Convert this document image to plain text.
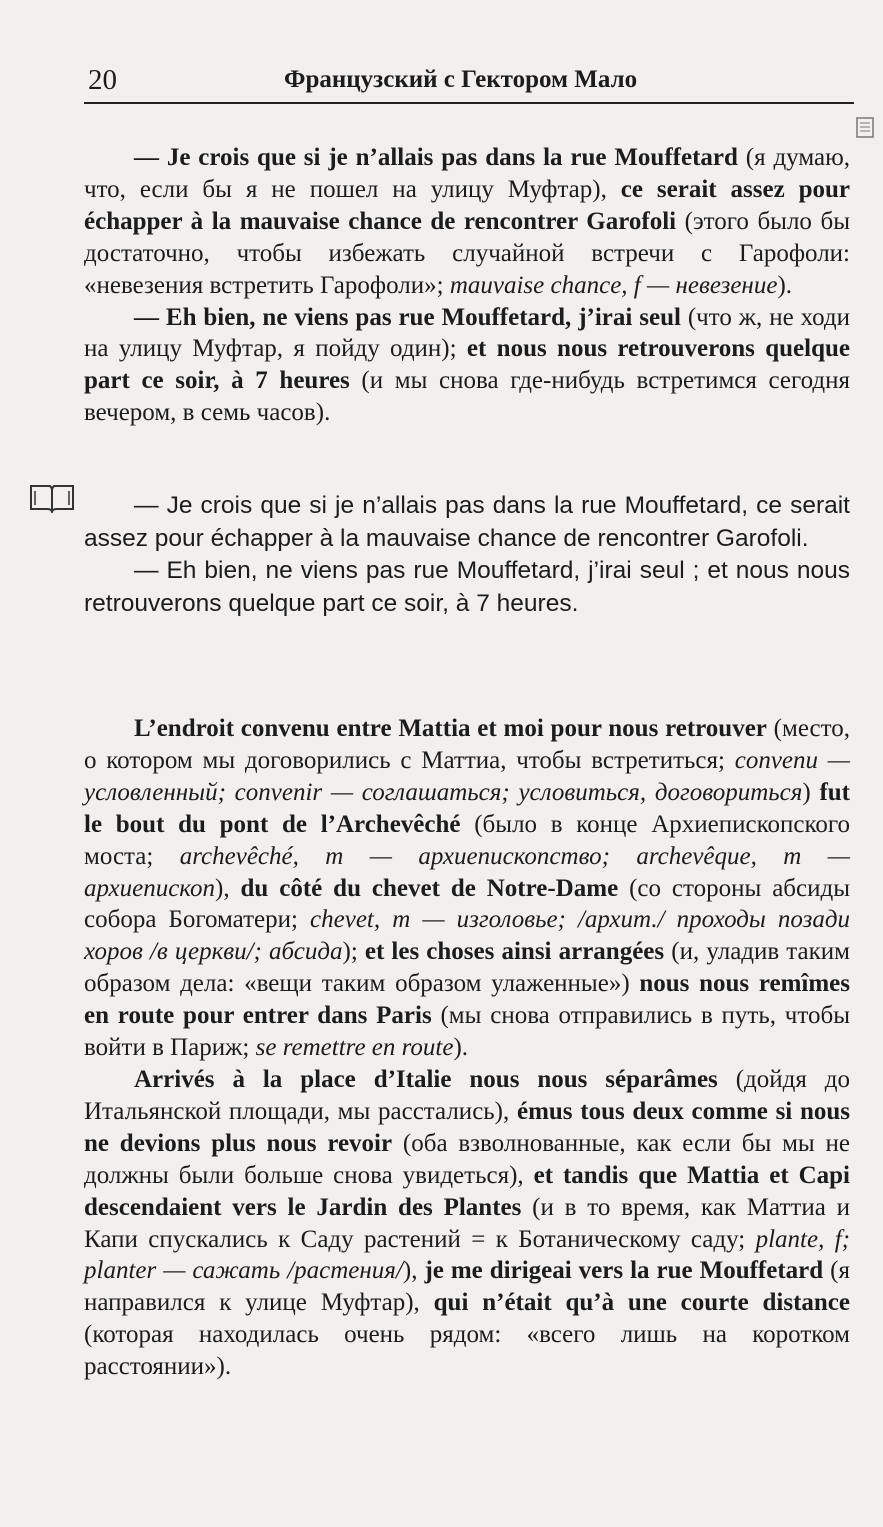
20	Французский с Гектором Мало

— Je crois que si je n’allais pas dans la rue Mouffetard (я думаю, что, если бы я не пошел на улицу Муфтар), ce serait assez pour échapper à la mauvaise chance de rencontrer Garofoli (этого было бы достаточно, чтобы избежать случайной встречи с Гарофоли: «невезения встретить Гарофоли»; mauvaise chance, f — невезение).

— Eh bien, ne viens pas rue Mouffetard, j’irai seul (что ж, не ходи на улицу Муфтар, я пойду один); et nous nous retrouverons quelque part ce soir, à 7 heures (и мы снова где-нибудь встретимся сегодня вечером, в семь часов).

— Je crois que si je n’allais pas dans la rue Mouffetard, ce serait assez pour échapper à la mauvaise chance de rencontrer Garofoli.

— Eh bien, ne viens pas rue Mouffetard, j’irai seul ; et nous nous retrouverons quelque part ce soir, à 7 heures.

L’endroit convenu entre Mattia et moi pour nous retrouver (место, о котором мы договорились с Маттиа, чтобы встретиться; convenu — условленный; convenir — соглашаться; условиться, договориться) fut le bout du pont de l’Archevêché (было в конце Архиепископского моста; archevêché, m — архиепископство; archevêque, m — архиепископ), du côté du chevet de Notre-Dame (со стороны абсиды собора Богоматери; chevet, m — изголовье; /архит./ проходы позади хоров /в церкви/; абсида); et les choses ainsi arrangées (и, уладив таким образом дела: «вещи таким образом улаженные») nous nous remîmes en route pour entrer dans Paris (мы снова отправились в путь, чтобы войти в Париж; se remettre en route).

Arrivés à la place d’Italie nous nous séparâmes (дойдя до Итальянской площади, мы расстались), émus tous deux comme si nous ne devions plus nous revoir (оба взволнованные, как если бы мы не должны были больше снова увидеться), et tandis que Mattia et Capi descendaient vers le Jardin des Plantes (и в то время, как Маттиа и Капи спускались к Саду растений = к Ботаническому саду; plante, f; planter — сажать /растения/), je me dirigeai vers la rue Mouffetard (я направился к улице Муфтар), qui n’était qu’à une courte distance (которая находилась очень рядом: «всего лишь на коротком расстоянии»).
